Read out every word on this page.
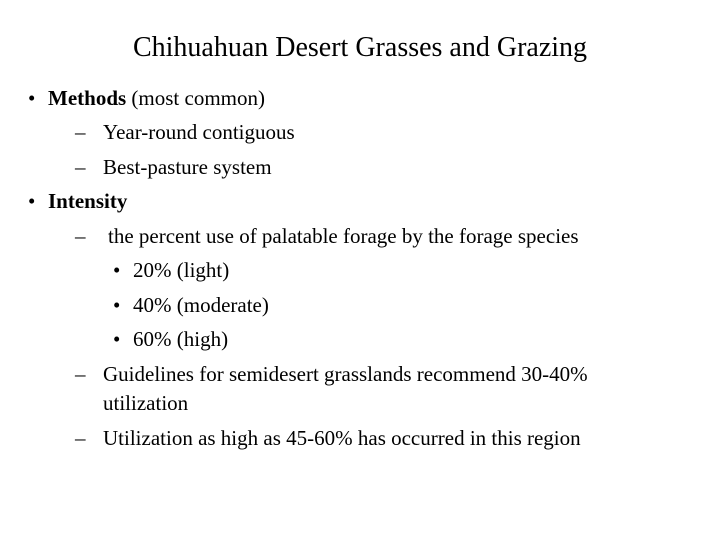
Chihuahuan Desert Grasses and Grazing
• Methods (most common)
– Year-round contiguous
– Best-pasture system
• Intensity
– the percent use of palatable forage by the forage species
• 20% (light)
• 40% (moderate)
• 60% (high)
– Guidelines for semidesert grasslands recommend 30-40%
utilization
– Utilization as high as 45-60% has occurred in this region
